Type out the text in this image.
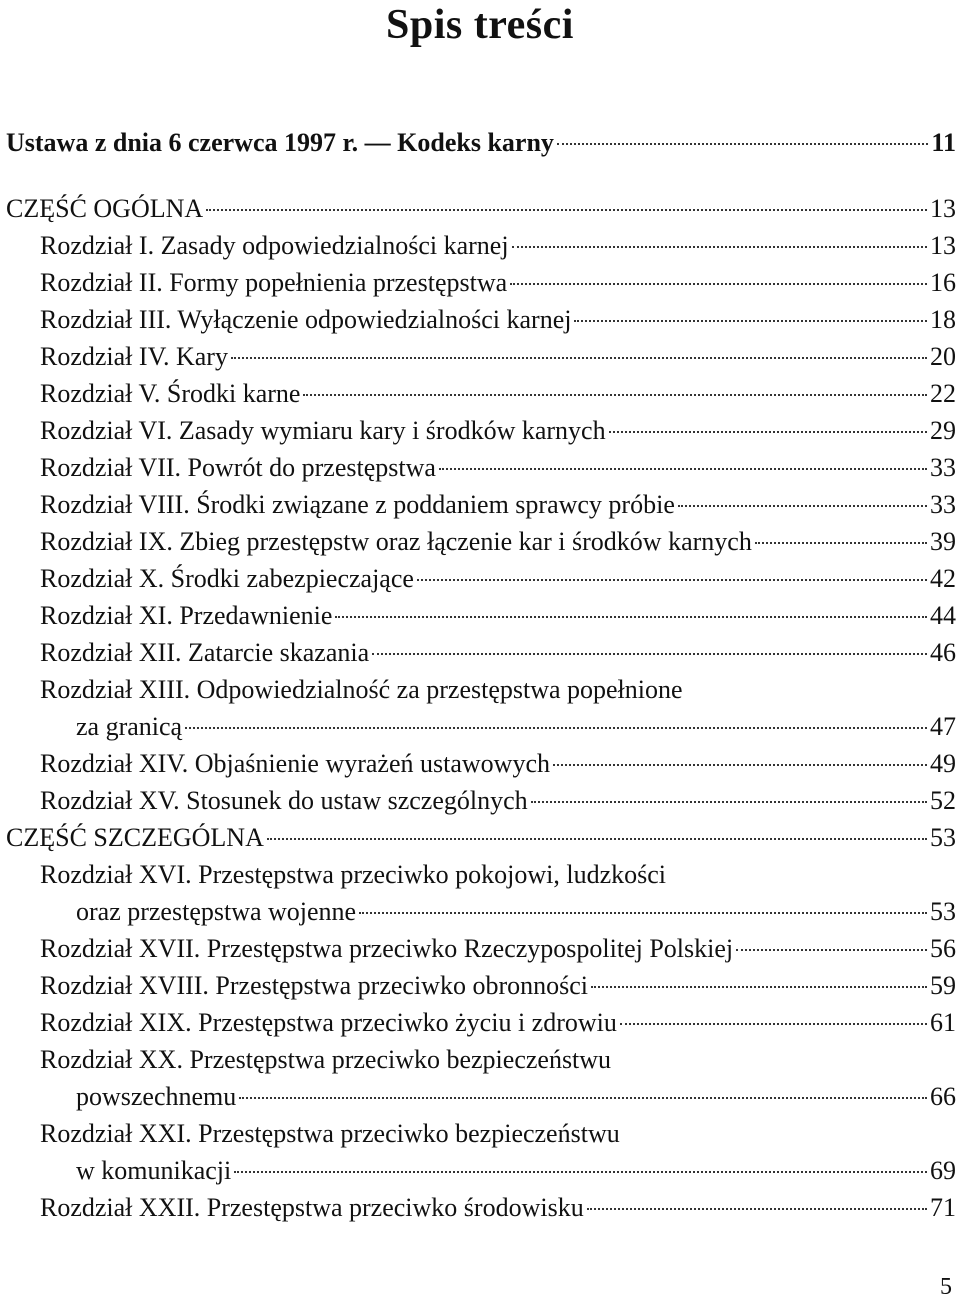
Spis treści
Ustawa z dnia 6 czerwca 1997 r. — Kodeks karny	11
CZĘŚĆ OGÓLNA	13
Rozdział I. Zasady odpowiedzialności karnej	13
Rozdział II. Formy popełnienia przestępstwa	16
Rozdział III. Wyłączenie odpowiedzialności karnej	18
Rozdział IV. Kary	20
Rozdział V. Środki karne	22
Rozdział VI. Zasady wymiaru kary i środków karnych	29
Rozdział VII. Powrót do przestępstwa	33
Rozdział VIII. Środki związane z poddaniem sprawcy próbie	33
Rozdział IX. Zbieg przestępstw oraz łączenie kar i środków karnych	39
Rozdział X. Środki zabezpieczające	42
Rozdział XI. Przedawnienie	44
Rozdział XII. Zatarcie skazania	46
Rozdział XIII. Odpowiedzialność za przestępstwa popełnione
za granicą	47
Rozdział XIV. Objaśnienie wyrażeń ustawowych	49
Rozdział XV. Stosunek do ustaw szczególnych	52
CZĘŚĆ SZCZEGÓLNA	53
Rozdział XVI. Przestępstwa przeciwko pokojowi, ludzkości
oraz przestępstwa wojenne	53
Rozdział XVII. Przestępstwa przeciwko Rzeczypospolitej Polskiej	56
Rozdział XVIII. Przestępstwa przeciwko obronności	59
Rozdział XIX. Przestępstwa przeciwko życiu i zdrowiu	61
Rozdział XX. Przestępstwa przeciwko bezpieczeństwu
powszechnemu	66
Rozdział XXI. Przestępstwa przeciwko bezpieczeństwu
w komunikacji	69
Rozdział XXII. Przestępstwa przeciwko środowisku	71
5
